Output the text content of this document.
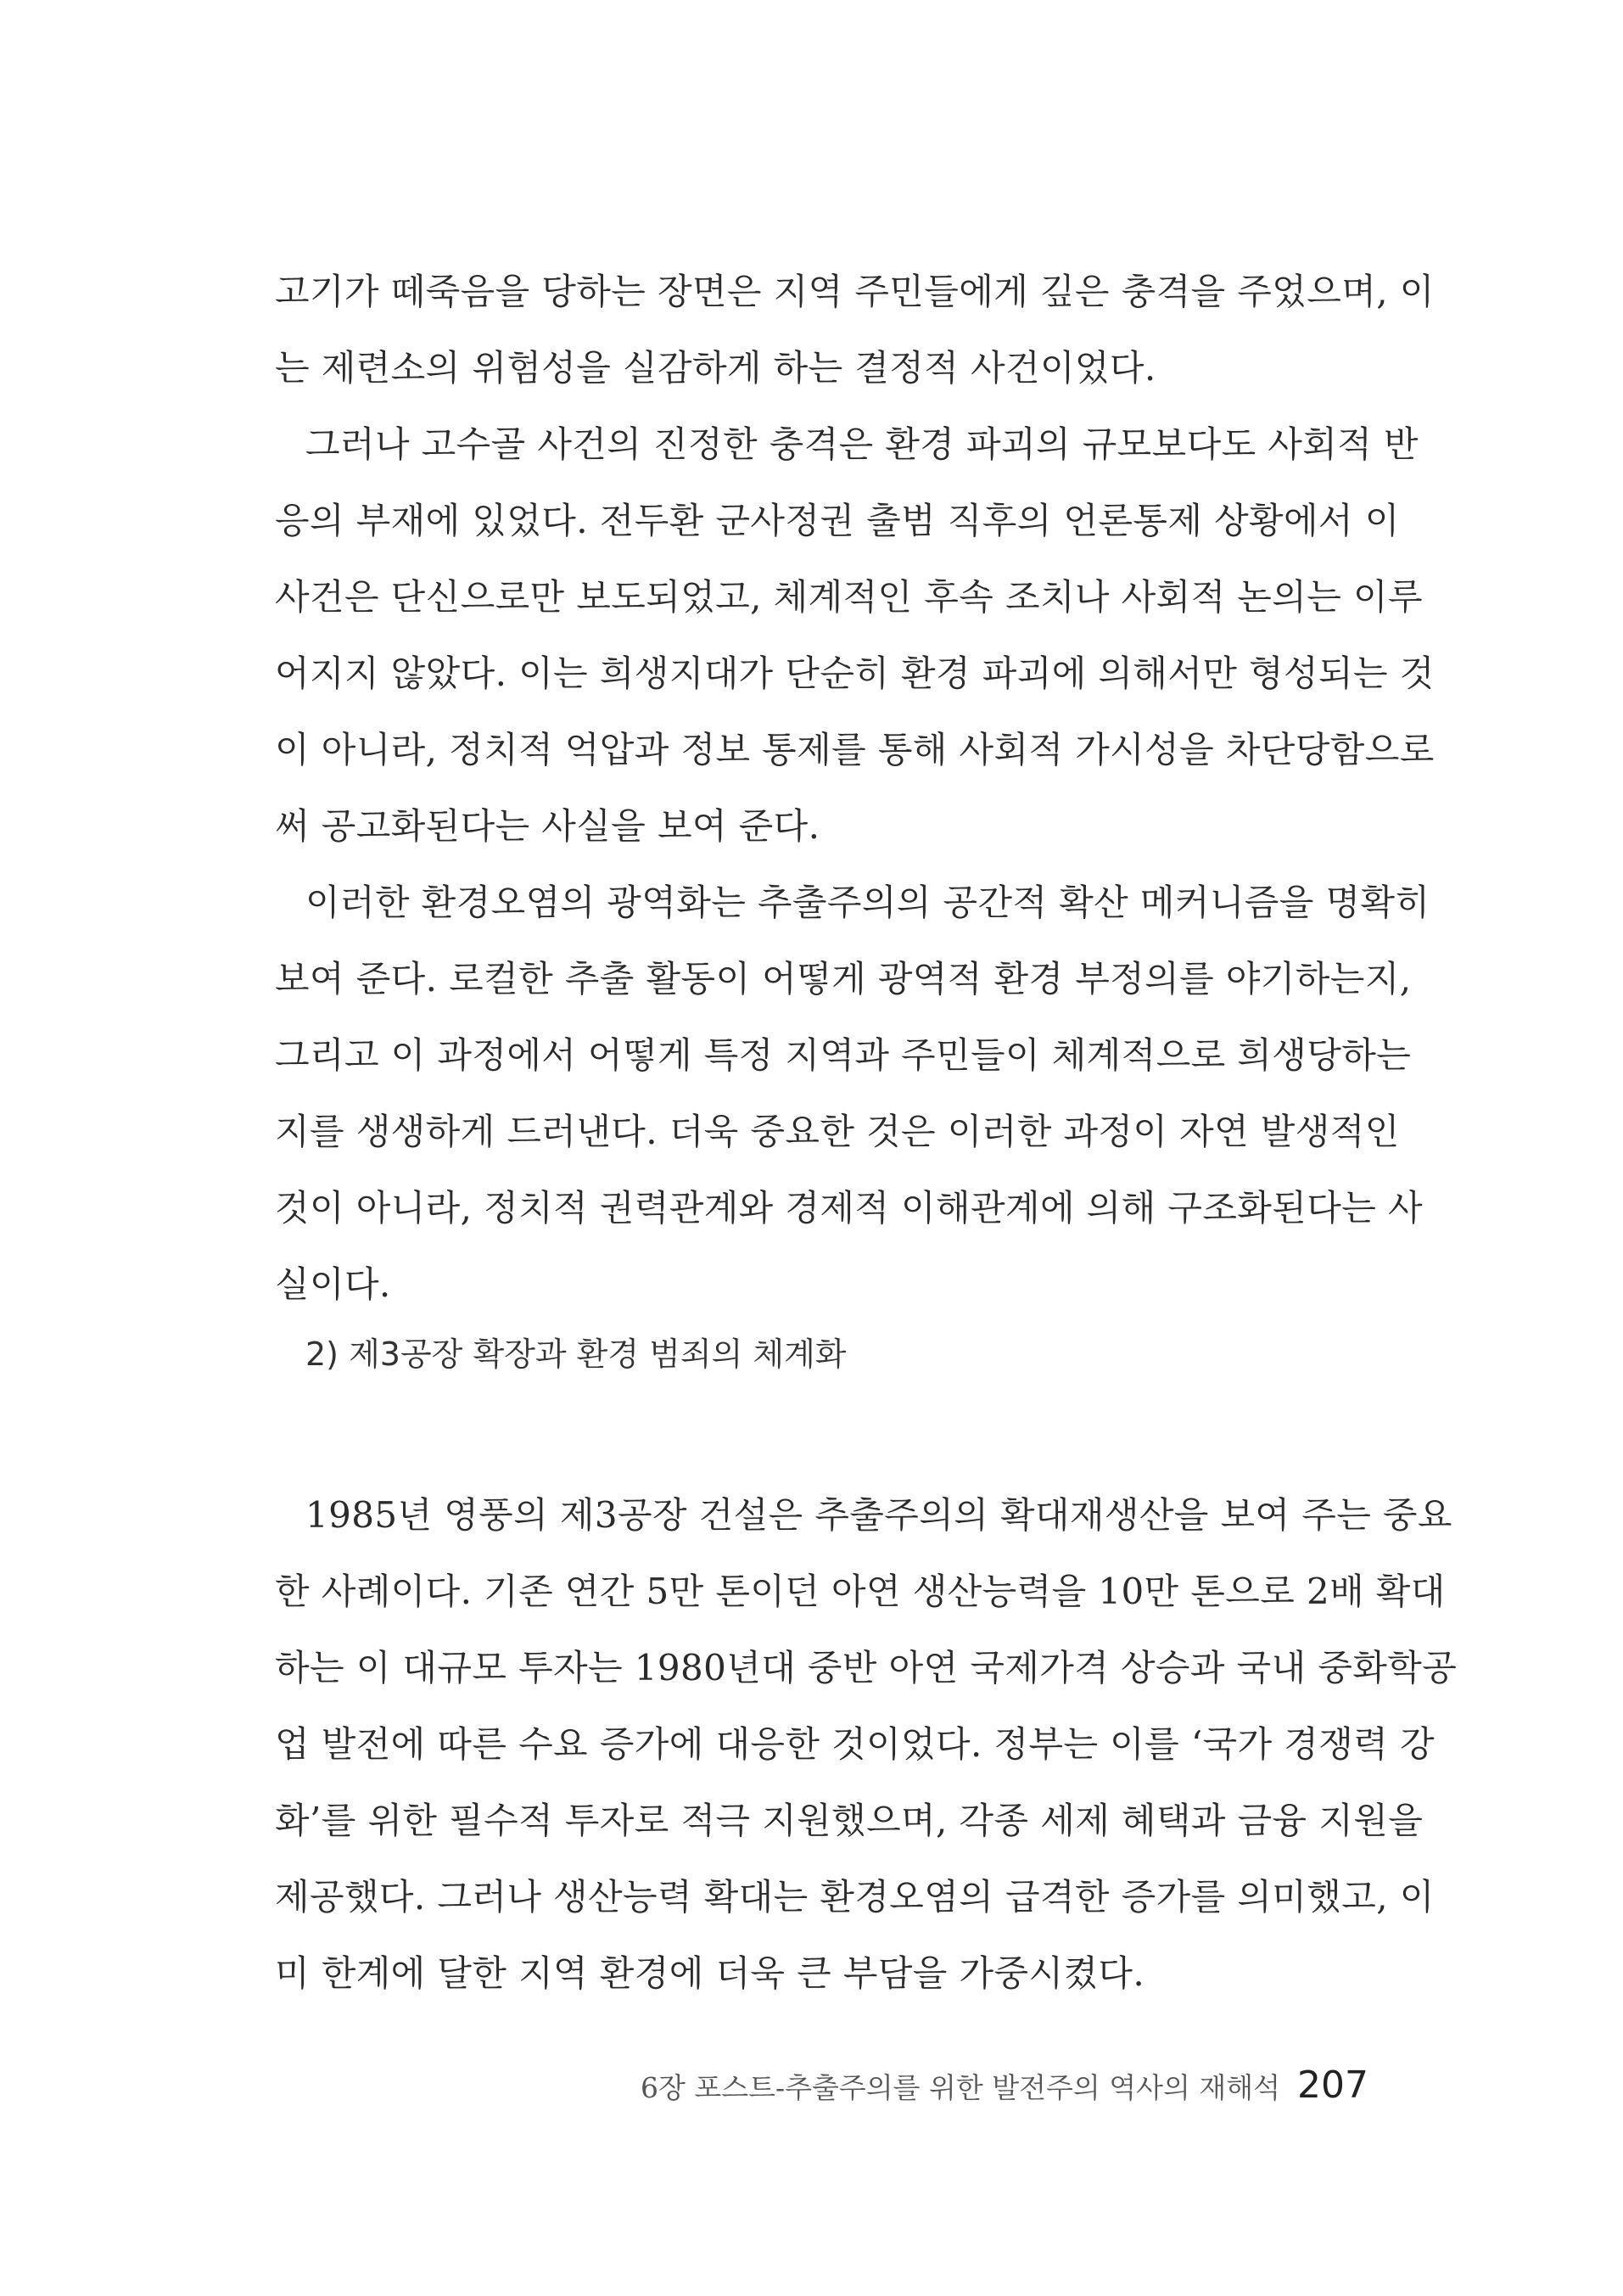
고기가 떼죽음을 당하는 장면은 지역 주민들에게 깊은 충격을 주었으며, 이
는 제련소의 위험성을 실감하게 하는 결정적 사건이었다.
그러나 고수골 사건의 진정한 충격은 환경 파괴의 규모보다도 사회적 반
응의 부재에 있었다. 전두환 군사정권 출범 직후의 언론통제 상황에서 이
사건은 단신으로만 보도되었고, 체계적인 후속 조치나 사회적 논의는 이루
어지지 않았다. 이는 희생지대가 단순히 환경 파괴에 의해서만 형성되는 것
이 아니라, 정치적 억압과 정보 통제를 통해 사회적 가시성을 차단당함으로
써 공고화된다는 사실을 보여 준다.
이러한 환경오염의 광역화는 추출주의의 공간적 확산 메커니즘을 명확히
보여 준다. 로컬한 추출 활동이 어떻게 광역적 환경 부정의를 야기하는지,
그리고 이 과정에서 어떻게 특정 지역과 주민들이 체계적으로 희생당하는
지를 생생하게 드러낸다. 더욱 중요한 것은 이러한 과정이 자연 발생적인
것이 아니라, 정치적 권력관계와 경제적 이해관계에 의해 구조화된다는 사
실이다.
2) 제3공장 확장과 환경 범죄의 체계화
1985년 영풍의 제3공장 건설은 추출주의의 확대재생산을 보여 주는 중요
한 사례이다. 기존 연간 5만 톤이던 아연 생산능력을 10만 톤으로 2배 확대
하는 이 대규모 투자는 1980년대 중반 아연 국제가격 상승과 국내 중화학공
업 발전에 따른 수요 증가에 대응한 것이었다. 정부는 이를 ‘국가 경쟁력 강
화’를 위한 필수적 투자로 적극 지원했으며, 각종 세제 혜택과 금융 지원을
제공했다. 그러나 생산능력 확대는 환경오염의 급격한 증가를 의미했고, 이
미 한계에 달한 지역 환경에 더욱 큰 부담을 가중시켰다.
6장 포스트-추출주의를 위한 발전주의 역사의 재해석 207
